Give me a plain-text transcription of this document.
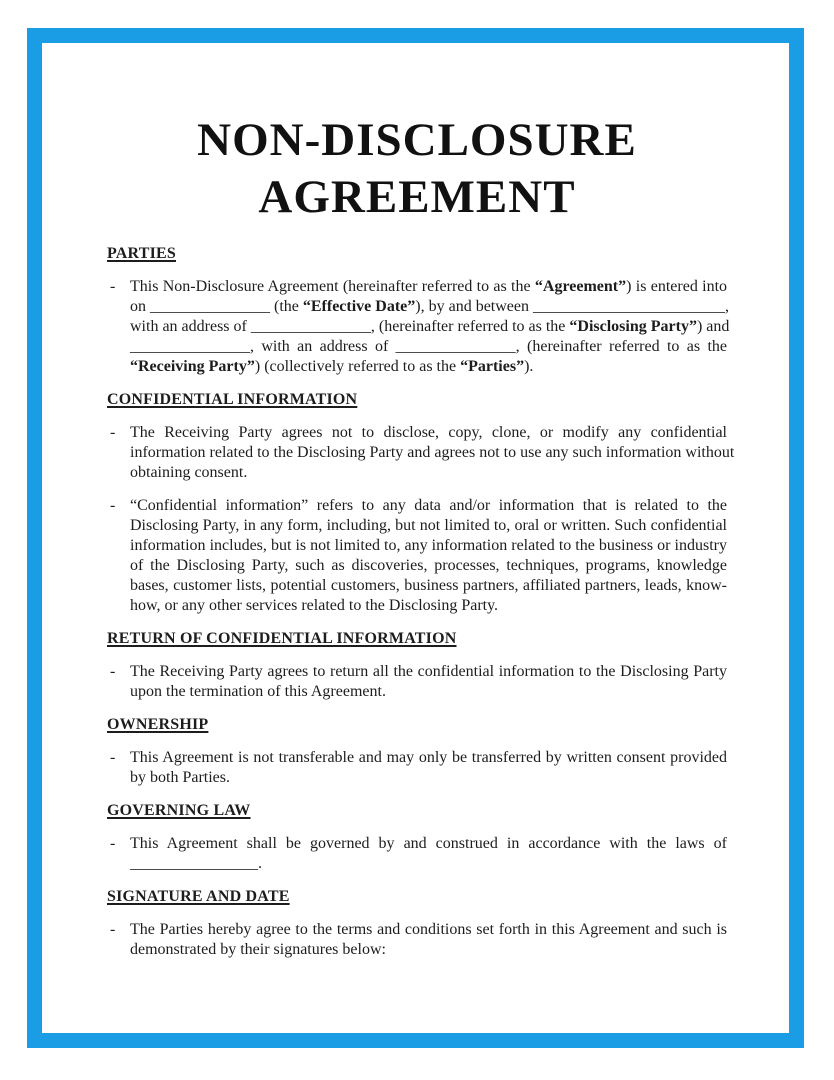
NON-DISCLOSURE AGREEMENT
PARTIES
- This Non-Disclosure Agreement (hereinafter referred to as the “Agreement”) is entered into
on _______________ (the “Effective Date”), by and between ________________________,
with an address of _______________, (hereinafter referred to as the “Disclosing Party”) and
_______________, with an address of _______________, (hereinafter referred to as the
“Receiving Party”) (collectively referred to as the “Parties”).
CONFIDENTIAL INFORMATION
- The Receiving Party agrees not to disclose, copy, clone, or modify any confidential
information related to the Disclosing Party and agrees not to use any such information without
obtaining consent.
- “Confidential information” refers to any data and/or information that is related to the
Disclosing Party, in any form, including, but not limited to, oral or written. Such confidential
information includes, but is not limited to, any information related to the business or industry
of the Disclosing Party, such as discoveries, processes, techniques, programs, knowledge
bases, customer lists, potential customers, business partners, affiliated partners, leads, know-
how, or any other services related to the Disclosing Party.
RETURN OF CONFIDENTIAL INFORMATION
- The Receiving Party agrees to return all the confidential information to the Disclosing Party
upon the termination of this Agreement.
OWNERSHIP
- This Agreement is not transferable and may only be transferred by written consent provided
by both Parties.
GOVERNING LAW
- This Agreement shall be governed by and construed in accordance with the laws of
________________.
SIGNATURE AND DATE
- The Parties hereby agree to the terms and conditions set forth in this Agreement and such is
demonstrated by their signatures below:
